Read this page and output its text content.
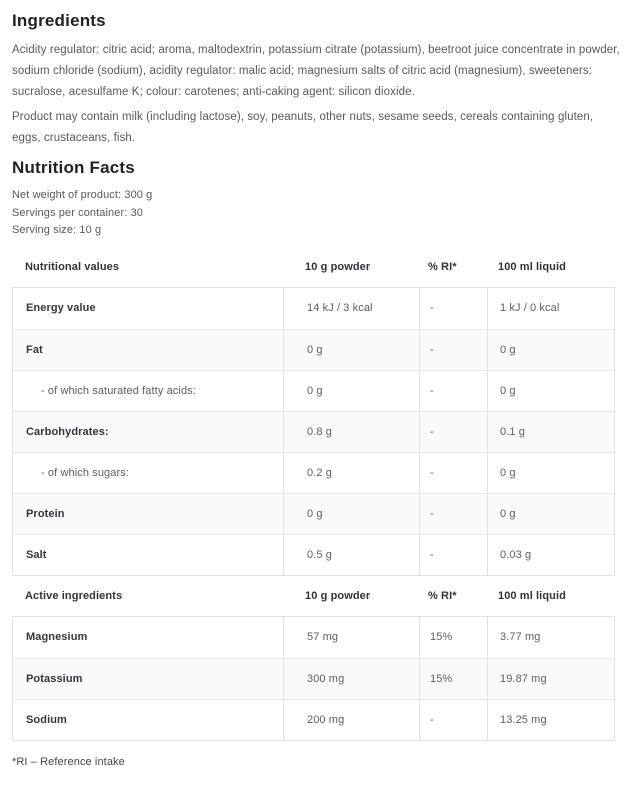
Ingredients

Acidity regulator: citric acid; aroma, maltodextrin, potassium citrate (potassium), beetroot juice concentrate in powder, sodium chloride (sodium), acidity regulator: malic acid; magnesium salts of citric acid (magnesium), sweeteners: sucralose, acesulfame K; colour: carotenes; anti-caking agent: silicon dioxide.

Product may contain milk (including lactose), soy, peanuts, other nuts, sesame seeds, cereals containing gluten, eggs, crustaceans, fish.

Nutrition Facts

Net weight of product: 300 g

Servings per container: 30

Serving size: 10 g

Nutritional values	10 g powder	% RI*	100 ml liquid
Energy value	14 kJ / 3 kcal	-	1 kJ / 0 kcal
Fat	0 g	-	0 g
- of which saturated fatty acids:	0 g	-	0 g
Carbohydrates:	0.8 g	-	0.1 g
- of which sugars:	0.2 g	-	0 g
Protein	0 g	-	0 g
Salt	0.5 g	-	0.03 g
Active ingredients	10 g powder	% RI*	100 ml liquid
Magnesium	57 mg	15%	3.77 mg
Potassium	300 mg	15%	19.87 mg
Sodium	200 mg	-	13.25 mg

*RI – Reference intake
